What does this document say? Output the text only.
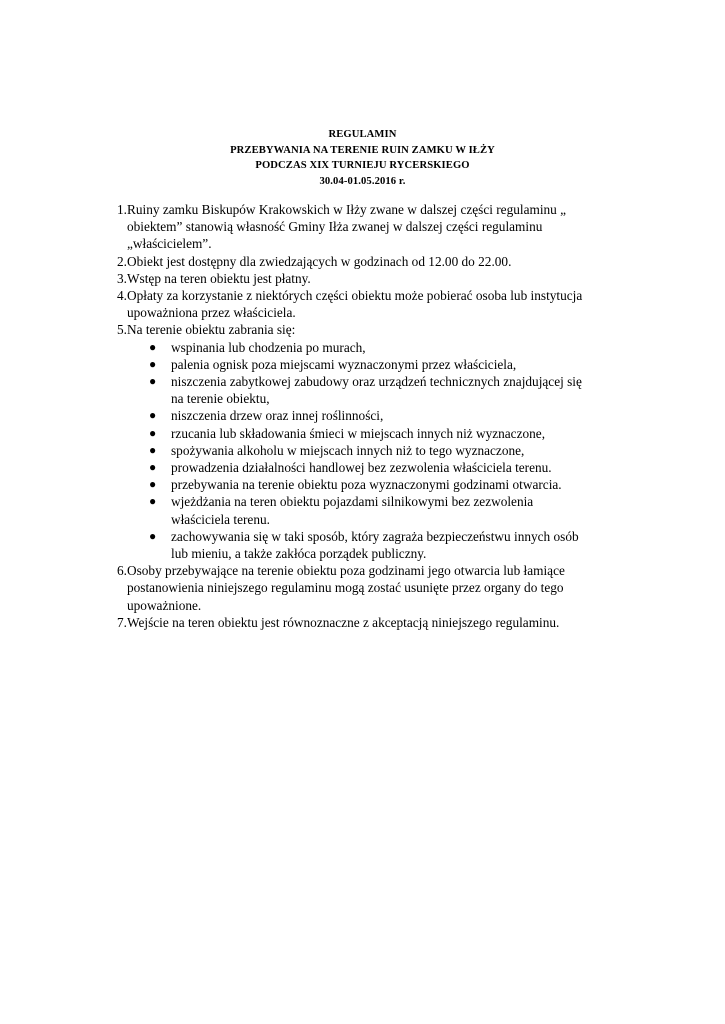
REGULAMIN
PRZEBYWANIA NA TERENIE RUIN ZAMKU W IŁŻY
PODCZAS XIX TURNIEJU RYCERSKIEGO
30.04-01.05.2016 r.
1. Ruiny zamku Biskupów Krakowskich w Iłży zwane w dalszej części regulaminu „
obiektem” stanowią własność Gminy Iłża zwanej w dalszej części regulaminu
„właścicielem”.
2. Obiekt jest dostępny dla zwiedzających w godzinach od 12.00 do 22.00.
3. Wstęp na teren obiektu jest płatny.
4. Opłaty za korzystanie z niektórych części obiektu może pobierać osoba lub instytucja
upoważniona przez właściciela.
5. Na terenie obiektu zabrania się:
●	wspinania lub chodzenia po murach,
●	palenia ognisk poza miejscami wyznaczonymi przez właściciela,
●	niszczenia zabytkowej zabudowy oraz urządzeń technicznych znajdującej się
na terenie obiektu,
●	niszczenia drzew oraz innej roślinności,
●	rzucania lub składowania śmieci w miejscach innych niż wyznaczone,
●	spożywania alkoholu w miejscach innych niż to tego wyznaczone,
●	prowadzenia działalności handlowej bez zezwolenia właściciela terenu.
●	przebywania na terenie obiektu poza wyznaczonymi godzinami otwarcia.
●	wjeżdżania na teren obiektu pojazdami silnikowymi bez zezwolenia
właściciela terenu.
●	zachowywania się w taki sposób, który zagraża bezpieczeństwu innych osób
lub mieniu, a także zakłóca porządek publiczny.
6. Osoby przebywające na terenie obiektu poza godzinami jego otwarcia lub łamiące
postanowienia niniejszego regulaminu mogą zostać usunięte przez organy do tego
upoważnione.
7. Wejście na teren obiektu jest równoznaczne z akceptacją niniejszego regulaminu.
